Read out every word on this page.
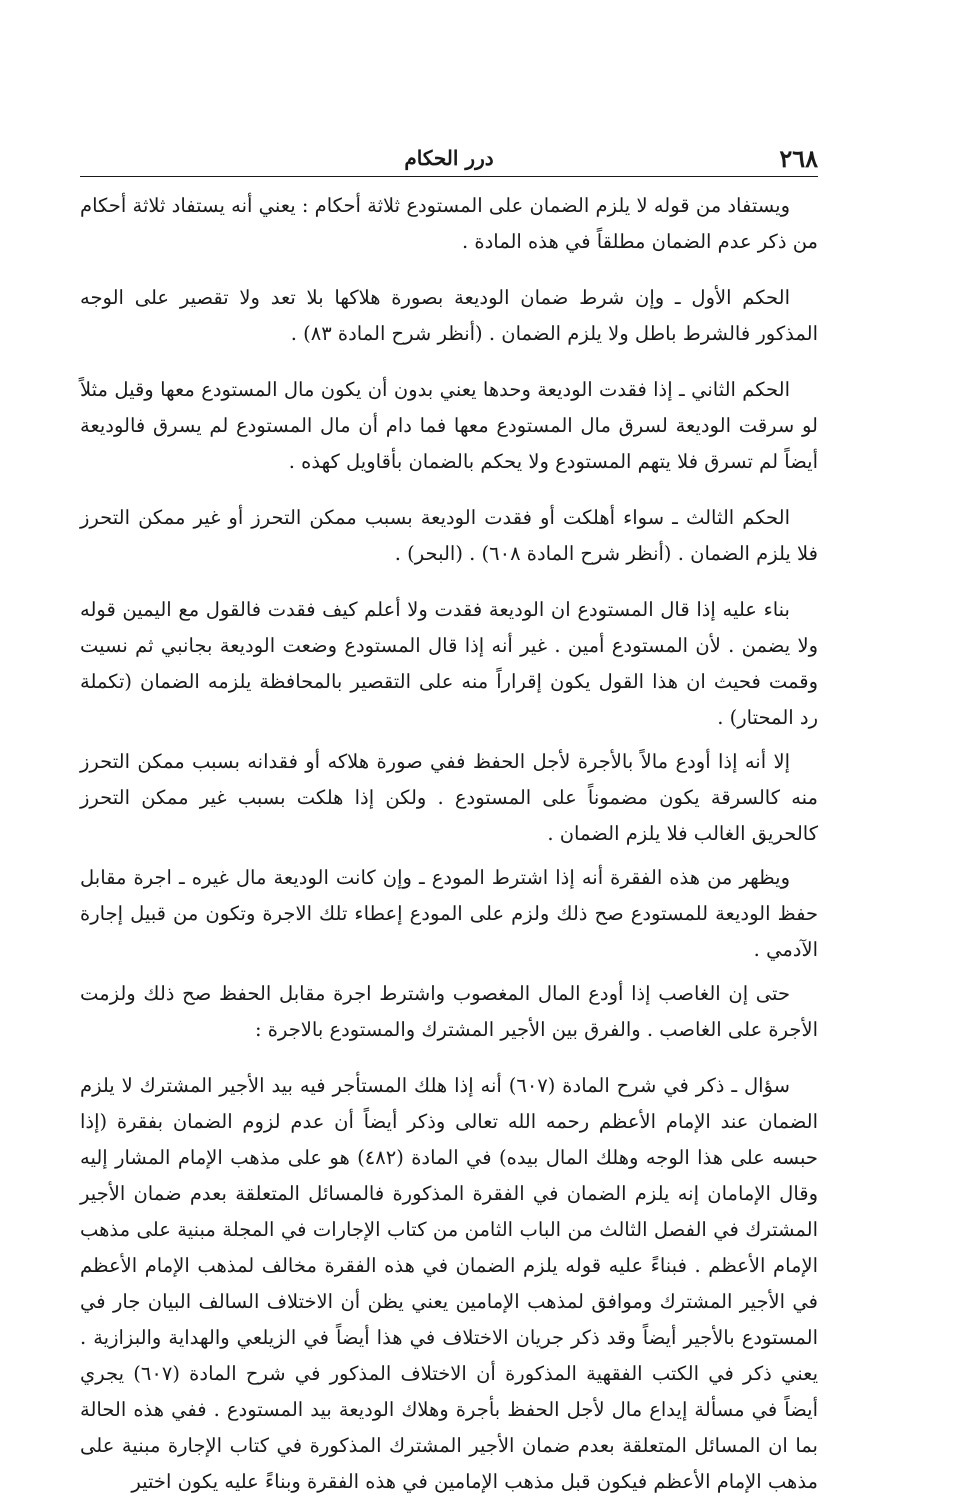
٢٦٨
درر الحكام

ويستفاد من قوله لا يلزم الضمان على المستودع ثلاثة أحكام : يعني أنه يستفاد ثلاثة أحكام من ذكر عدم الضمان مطلقاً في هذه المادة .

الحكم الأول ـ وإن شرط ضمان الوديعة بصورة هلاكها بلا تعد ولا تقصير على الوجه المذكور فالشرط باطل ولا يلزم الضمان . (أنظر شرح المادة ٨٣) .

الحكم الثاني ـ إذا فقدت الوديعة وحدها يعني بدون أن يكون مال المستودع معها وقيل مثلاً لو سرقت الوديعة لسرق مال المستودع معها فما دام أن مال المستودع لم يسرق فالوديعة أيضاً لم تسرق فلا يتهم المستودع ولا يحكم بالضمان بأقاويل كهذه .

الحكم الثالث ـ سواء أهلكت أو فقدت الوديعة بسبب ممكن التحرز أو غير ممكن التحرز فلا يلزم الضمان . (أنظر شرح المادة ٦٠٨) . (البحر) .

بناء عليه إذا قال المستودع ان الوديعة فقدت ولا أعلم كيف فقدت فالقول مع اليمين قوله ولا يضمن . لأن المستودع أمين . غير أنه إذا قال المستودع وضعت الوديعة بجانبي ثم نسيت وقمت فحيث ان هذا القول يكون إقراراً منه على التقصير بالمحافظة يلزمه الضمان (تكملة رد المحتار) .

إلا أنه إذا أودع مالاً بالأجرة لأجل الحفظ ففي صورة هلاكه أو فقدانه بسبب ممكن التحرز منه كالسرقة يكون مضموناً على المستودع . ولكن إذا هلكت بسبب غير ممكن التحرز كالحريق الغالب فلا يلزم الضمان .

ويظهر من هذه الفقرة أنه إذا اشترط المودع ـ وإن كانت الوديعة مال غيره ـ اجرة مقابل حفظ الوديعة للمستودع صح ذلك ولزم على المودع إعطاء تلك الاجرة وتكون من قبيل إجارة الآدمي .

حتى إن الغاصب إذا أودع المال المغصوب واشترط اجرة مقابل الحفظ صح ذلك ولزمت الأجرة على الغاصب . والفرق بين الأجير المشترك والمستودع بالاجرة :

سؤال ـ ذكر في شرح المادة (٦٠٧) أنه إذا هلك المستأجر فيه بيد الأجير المشترك لا يلزم الضمان عند الإمام الأعظم رحمه الله تعالى وذكر أيضاً أن عدم لزوم الضمان بفقرة (إذا حبسه على هذا الوجه وهلك المال بيده) في المادة (٤٨٢) هو على مذهب الإمام المشار إليه وقال الإمامان إنه يلزم الضمان في الفقرة المذكورة فالمسائل المتعلقة بعدم ضمان الأجير المشترك في الفصل الثالث من الباب الثامن من كتاب الإجارات في المجلة مبنية على مذهب الإمام الأعظم . فبناءً عليه قوله يلزم الضمان في هذه الفقرة مخالف لمذهب الإمام الأعظم في الأجير المشترك وموافق لمذهب الإمامين يعني يظن أن الاختلاف السالف البيان جار في المستودع بالأجير أيضاً وقد ذكر جريان الاختلاف في هذا أيضاً في الزيلعي والهداية والبزازية . يعني ذكر في الكتب الفقهية المذكورة أن الاختلاف المذكور في شرح المادة (٦٠٧) يجري أيضاً في مسألة إيداع مال لأجل الحفظ بأجرة وهلاك الوديعة بيد المستودع . ففي هذه الحالة بما ان المسائل المتعلقة بعدم ضمان الأجير المشترك المذكورة في كتاب الإجارة مبنية على مذهب الإمام الأعظم فيكون قبل مذهب الإمامين في هذه الفقرة وبناءً عليه يكون اختير
